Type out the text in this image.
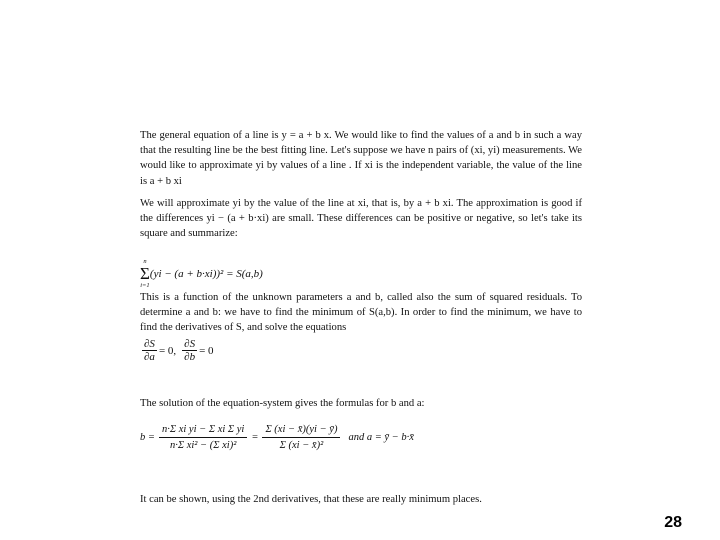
The general equation of a line is y = a + b x. We would like to find the values of a and b in such a way that the resulting line be the best fitting line. Let's suppose we have n pairs of (xi, yi) measurements. We would like to approximate yi by values of a line . If xi is the independent variable, the value of the line is a + b xi
We will approximate yi by the value of the line at xi, that is, by a + b xi. The approximation is good if the differences yi − (a + b·xi) are small. These differences can be positive or negative, so let's take its square and summarize:
n
Σ
i=1
(yi − (a + b·xi))² = S(a,b)
This is a function of the unknown parameters a and b, called also the sum of squared residuals. To determine a and b: we have to find the minimum of S(a,b). In order to find the minimum, we have to find the derivatives of S, and solve the equations
$\frac{\partial S}{\partial a} = 0$, $\frac{\partial S}{\partial b} = 0$
The solution of the equation-system gives the formulas for b and a:
$b = \frac{\text{n·Σ xi yi − Σ xi Σ yi}}{\text{n·Σ xi² − (Σ xi)²}} = \frac{\Sigma (xi - x̄)(yi - ȳ)}{\text{Σ (xi − x̄)²}}$ and a = ȳ − b·x̄
It can be shown, using the 2nd derivatives, that these are really minimum places.
28
